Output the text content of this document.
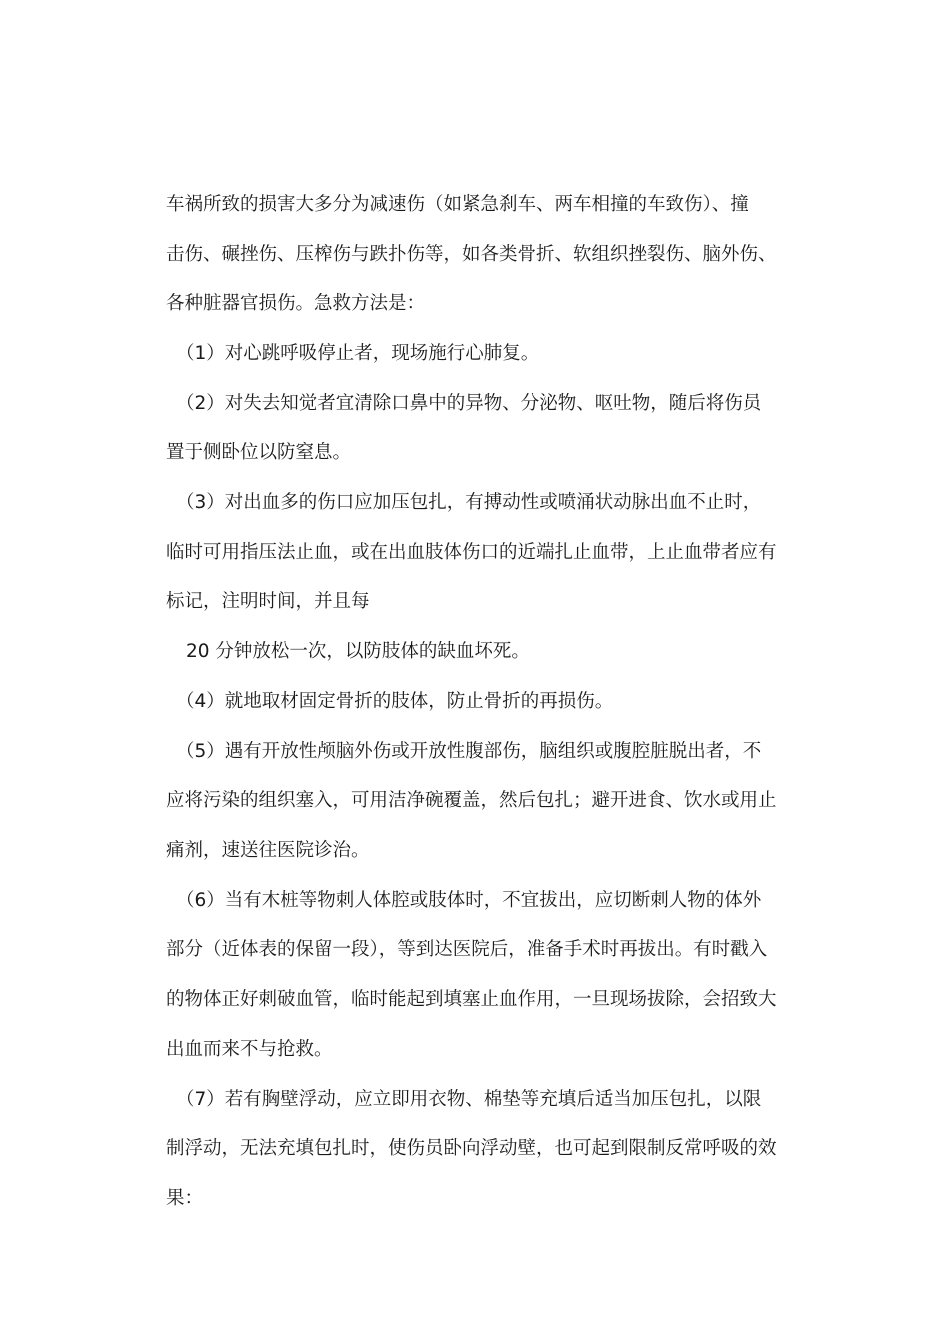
车祸所致的损害大多分为减速伤（如紧急刹车、两车相撞的车致伤）、撞
击伤、碾挫伤、压榨伤与跌扑伤等，如各类骨折、软组织挫裂伤、脑外伤、
各种脏器官损伤。急救方法是：
（1）对心跳呼吸停止者，现场施行心肺复。
（2）对失去知觉者宜清除口鼻中的异物、分泌物、呕吐物，随后将伤员
置于侧卧位以防窒息。
（3）对出血多的伤口应加压包扎，有搏动性或喷涌状动脉出血不止时，
临时可用指压法止血，或在出血肢体伤口的近端扎止血带，上止血带者应有
标记，注明时间，并且每
20 分钟放松一次，以防肢体的缺血坏死。
（4）就地取材固定骨折的肢体，防止骨折的再损伤。
（5）遇有开放性颅脑外伤或开放性腹部伤，脑组织或腹腔脏脱出者，不
应将污染的组织塞入，可用洁净碗覆盖，然后包扎；避开进食、饮水或用止
痛剂，速送往医院诊治。
（6）当有木桩等物刺人体腔或肢体时，不宜拔出，应切断刺人物的体外
部分（近体表的保留一段），等到达医院后，准备手术时再拔出。有时戳入
的物体正好刺破血管，临时能起到填塞止血作用，一旦现场拔除，会招致大
出血而来不与抢救。
（7）若有胸壁浮动，应立即用衣物、棉垫等充填后适当加压包扎，以限
制浮动，无法充填包扎时，使伤员卧向浮动壁，也可起到限制反常呼吸的效
果：
